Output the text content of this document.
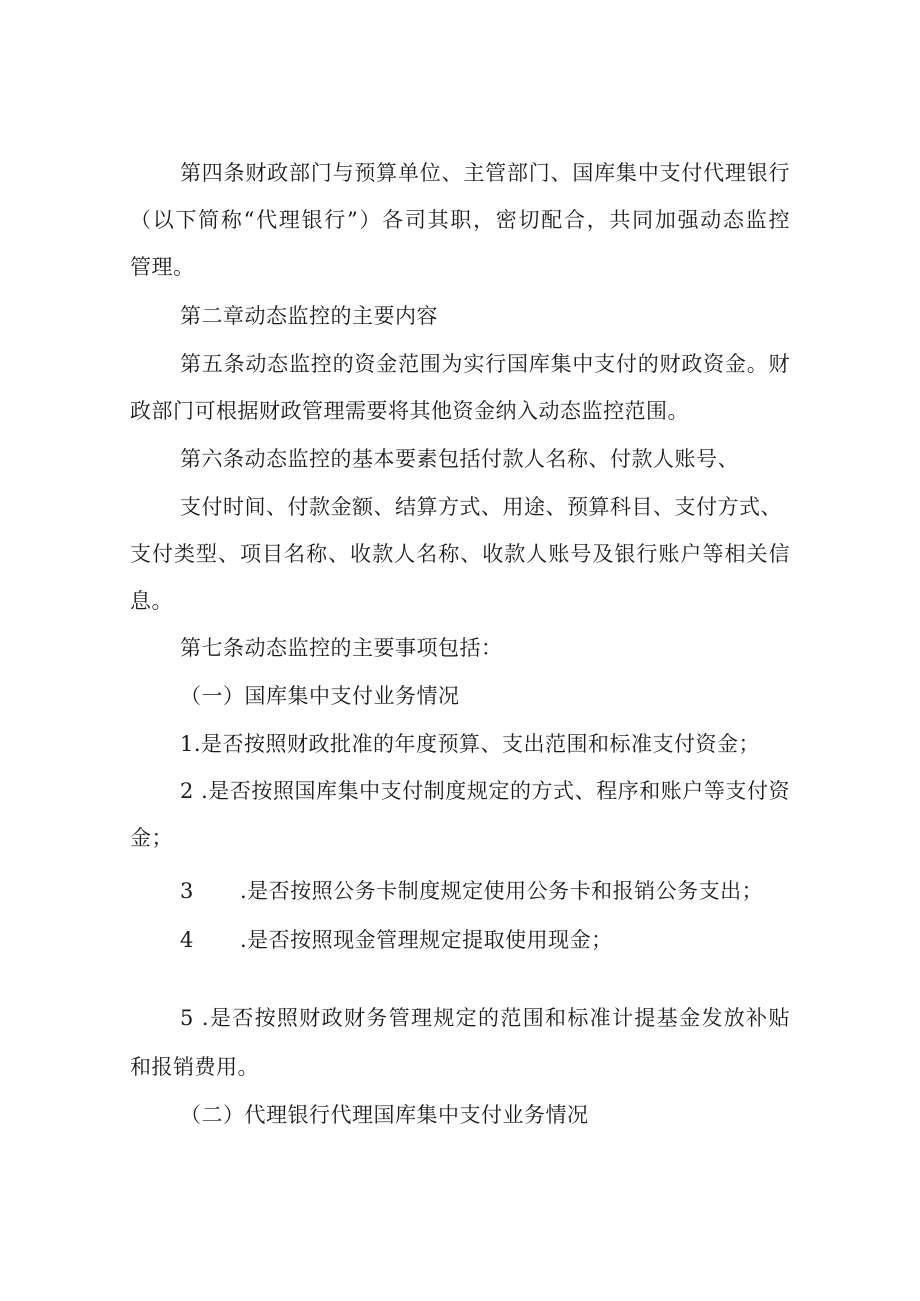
第四条财政部门与预算单位、主管部门、国库集中支付代理银行
（以下简称“代理银行”）各司其职，密切配合，共同加强动态监控
管理。
第二章动态监控的主要内容
第五条动态监控的资金范围为实行国库集中支付的财政资金。财
政部门可根据财政管理需要将其他资金纳入动态监控范围。
第六条动态监控的基本要素包括付款人名称、付款人账号、
支付时间、付款金额、结算方式、用途、预算科目、支付方式、
支付类型、项目名称、收款人名称、收款人账号及银行账户等相关信
息。
第七条动态监控的主要事项包括：
（一）国库集中支付业务情况
1.是否按照财政批准的年度预算、支出范围和标准支付资金；
2 .是否按照国库集中支付制度规定的方式、程序和账户等支付资
金；
3 .是否按照公务卡制度规定使用公务卡和报销公务支出；
4 .是否按照现金管理规定提取使用现金；
5 .是否按照财政财务管理规定的范围和标准计提基金发放补贴
和报销费用。
（二）代理银行代理国库集中支付业务情况
